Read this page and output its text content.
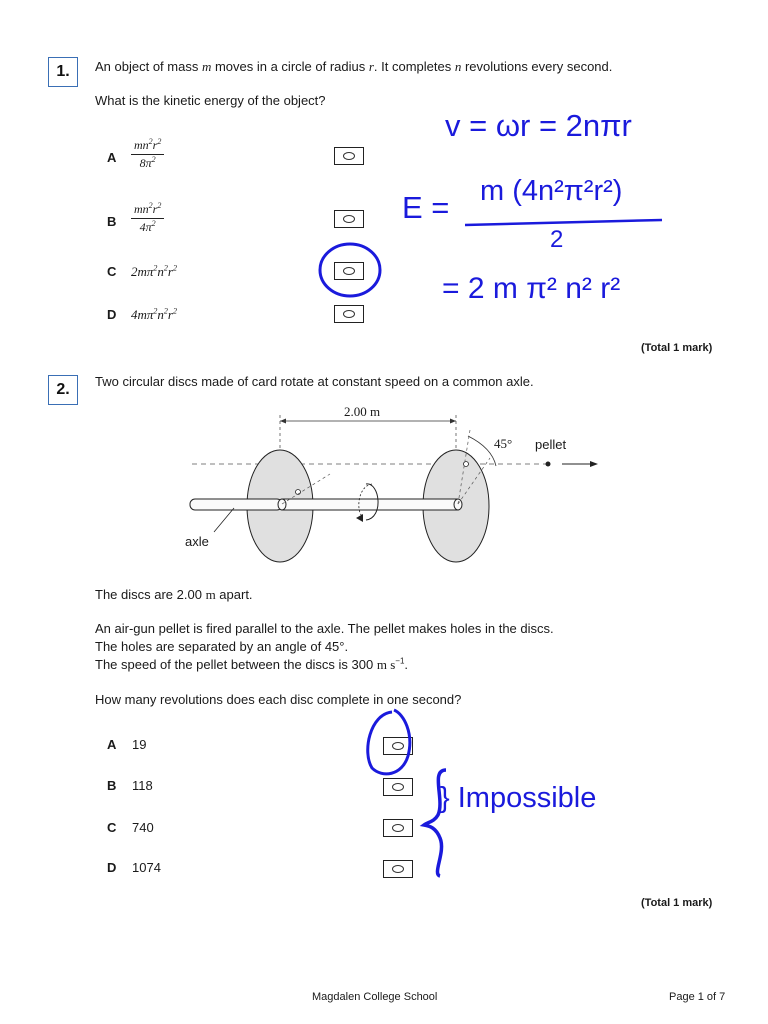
1.	An object of mass m moves in a circle of radius r. It completes n revolutions every second.
What is the kinetic energy of the object?
A $\frac{mn^2r^2}{8\pi^2}$
B $\frac{mn^2r^2}{4\pi^2}$
C $2m\pi^2n^2r^2$
D $4m\pi^2n^2r^2$
(Total 1 mark)
2.	Two circular discs made of card rotate at constant speed on a common axle.
2.00 m
45° pellet
axle
The discs are 2.00 m apart.
An air-gun pellet is fired parallel to the axle. The pellet makes holes in the discs.
The holes are separated by an angle of 45°.
The speed of the pellet between the discs is 300 m $s^{-1}$.
How many revolutions does each disc complete in one second?
A 19
B 118
C 740
D 1074
(Total 1 mark)
v = ωr = 2nπr
E = m (4n²π²r²)
2
= 2 m π² n² r²
} Impossible
Magdalen College School	Page 1 of 7
